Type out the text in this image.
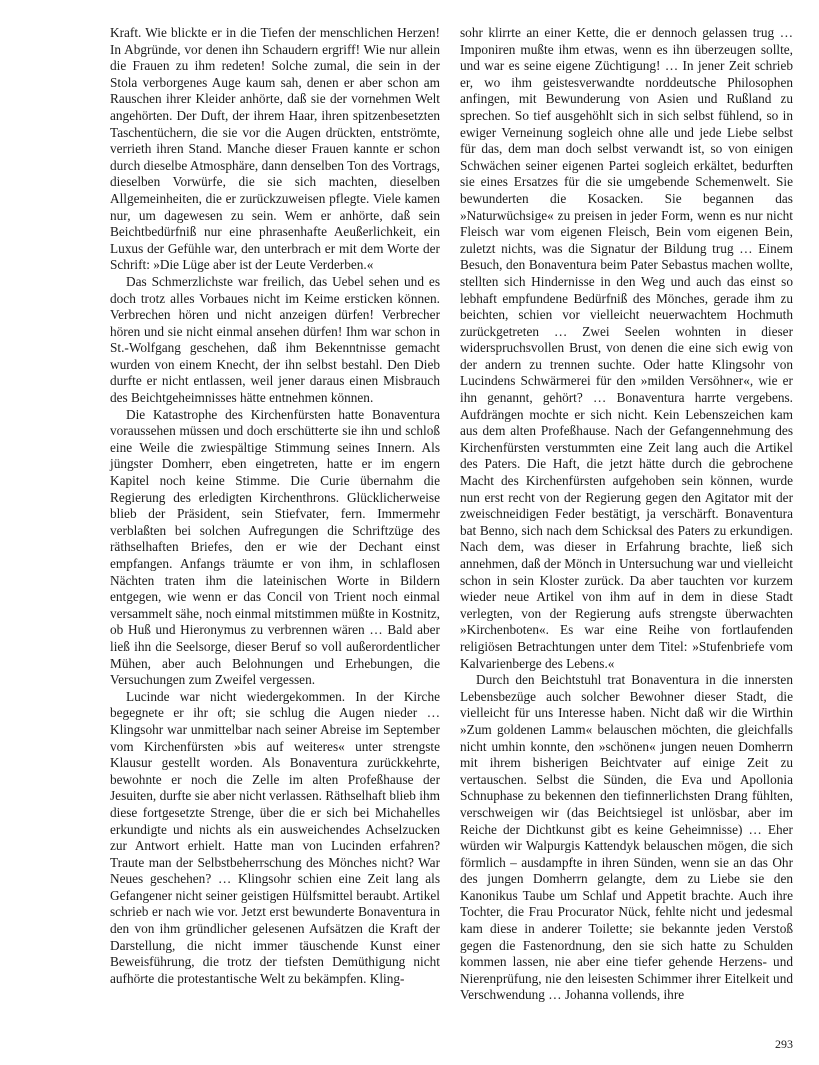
Kraft. Wie blickte er in die Tiefen der menschlichen Herzen! In Abgründe, vor denen ihn Schaudern ergriff! Wie nur allein die Frauen zu ihm redeten! Solche zumal, die sein in der Stola verborgenes Auge kaum sah, denen er aber schon am Rauschen ihrer Kleider anhörte, daß sie der vornehmen Welt angehörten. Der Duft, der ihrem Haar, ihren spitzenbesetzten Taschentüchern, die sie vor die Augen drückten, entströmte, verrieth ihren Stand. Manche dieser Frauen kannte er schon durch dieselbe Atmosphäre, dann denselben Ton des Vortrags, dieselben Vorwürfe, die sie sich machten, dieselben Allgemeinheiten, die er zurückzuweisen pflegte. Viele kamen nur, um dagewesen zu sein. Wem er anhörte, daß sein Beichtbedürfniß nur eine phrasenhafte Aeußerlichkeit, ein Luxus der Gefühle war, den unterbrach er mit dem Worte der Schrift: »Die Lüge aber ist der Leute Verderben.«

Das Schmerzlichste war freilich, das Uebel sehen und es doch trotz alles Vorbaues nicht im Keime ersticken können. Verbrechen hören und nicht anzeigen dürfen! Verbrecher hören und sie nicht einmal ansehen dürfen! Ihm war schon in St.-Wolfgang geschehen, daß ihm Bekenntnisse gemacht wurden von einem Knecht, der ihn selbst bestahl. Den Dieb durfte er nicht entlassen, weil jener daraus einen Misbrauch des Beichtgeheimnisses hätte entnehmen können.

Die Katastrophe des Kirchenfürsten hatte Bonaventura voraussehen müssen und doch erschütterte sie ihn und schloß eine Weile die zwiespältige Stimmung seines Innern. Als jüngster Domherr, eben eingetreten, hatte er im engern Kapitel noch keine Stimme. Die Curie übernahm die Regierung des erledigten Kirchenthrons. Glücklicherweise blieb der Präsident, sein Stiefvater, fern. Immermehr verblaßten bei solchen Aufregungen die Schriftzüge des räthselhaften Briefes, den er wie der Dechant einst empfangen. Anfangs träumte er von ihm, in schlaflosen Nächten traten ihm die lateinischen Worte in Bildern entgegen, wie wenn er das Concil von Trient noch einmal versammelt sähe, noch einmal mitstimmen müßte in Kostnitz, ob Huß und Hieronymus zu verbrennen wären … Bald aber ließ ihn die Seelsorge, dieser Beruf so voll außerordentlicher Mühen, aber auch Belohnungen und Erhebungen, die Versuchungen zum Zweifel vergessen.

Lucinde war nicht wiedergekommen. In der Kirche begegnete er ihr oft; sie schlug die Augen nieder … Klingsohr war unmittelbar nach seiner Abreise im September vom Kirchenfürsten »bis auf weiteres« unter strengste Klausur gestellt worden. Als Bonaventura zurückkehrte, bewohnte er noch die Zelle im alten Profeßhause der Jesuiten, durfte sie aber nicht verlassen. Räthselhaft blieb ihm diese fortgesetzte Strenge, über die er sich bei Michahelles erkundigte und nichts als ein ausweichendes Achselzucken zur Antwort erhielt. Hatte man von Lucinden erfahren? Traute man der Selbstbeherrschung des Mönches nicht? War Neues geschehen? … Klingsohr schien eine Zeit lang als Gefangener nicht seiner geistigen Hülfsmittel beraubt. Artikel schrieb er nach wie vor. Jetzt erst bewunderte Bonaventura in den von ihm gründlicher gelesenen Aufsätzen die Kraft der Darstellung, die nicht immer täuschende Kunst einer Beweisführung, die trotz der tiefsten Demüthigung nicht aufhörte die protestantische Welt zu bekämpfen. Kling-

sohr klirrte an einer Kette, die er dennoch gelassen trug … Imponiren mußte ihm etwas, wenn es ihn überzeugen sollte, und war es seine eigene Züchtigung! … In jener Zeit schrieb er, wo ihm geistesverwandte norddeutsche Philosophen anfingen, mit Bewunderung von Asien und Rußland zu sprechen. So tief ausgehöhlt sich in sich selbst fühlend, so in ewiger Verneinung sogleich ohne alle und jede Liebe selbst für das, dem man doch selbst verwandt ist, so von einigen Schwächen seiner eigenen Partei sogleich erkältet, bedurften sie eines Ersatzes für die sie umgebende Schemenwelt. Sie bewunderten die Kosacken. Sie begannen das »Naturwüchsige« zu preisen in jeder Form, wenn es nur nicht Fleisch war vom eigenen Fleisch, Bein vom eigenen Bein, zuletzt nichts, was die Signatur der Bildung trug … Einem Besuch, den Bonaventura beim Pater Sebastus machen wollte, stellten sich Hindernisse in den Weg und auch das einst so lebhaft empfundene Bedürfniß des Mönches, gerade ihm zu beichten, schien vor vielleicht neuerwachtem Hochmuth zurückgetreten … Zwei Seelen wohnten in dieser widerspruchsvollen Brust, von denen die eine sich ewig von der andern zu trennen suchte. Oder hatte Klingsohr von Lucindens Schwärmerei für den »milden Versöhner«, wie er ihn genannt, gehört? … Bonaventura harrte vergebens. Aufdrängen mochte er sich nicht. Kein Lebenszeichen kam aus dem alten Profeßhause. Nach der Gefangennehmung des Kirchenfürsten verstummten eine Zeit lang auch die Artikel des Paters. Die Haft, die jetzt hätte durch die gebrochene Macht des Kirchenfürsten aufgehoben sein können, wurde nun erst recht von der Regierung gegen den Agitator mit der zweischneidigen Feder bestätigt, ja verschärft. Bonaventura bat Benno, sich nach dem Schicksal des Paters zu erkundigen. Nach dem, was dieser in Erfahrung brachte, ließ sich annehmen, daß der Mönch in Untersuchung war und vielleicht schon in sein Kloster zurück. Da aber tauchten vor kurzem wieder neue Artikel von ihm auf in dem in diese Stadt verlegten, von der Regierung aufs strengste überwachten »Kirchenboten«. Es war eine Reihe von fortlaufenden religiösen Betrachtungen unter dem Titel: »Stufenbriefe vom Kalvarienberge des Lebens.«

Durch den Beichtstuhl trat Bonaventura in die innersten Lebensbezüge auch solcher Bewohner dieser Stadt, die vielleicht für uns Interesse haben. Nicht daß wir die Wirthin »Zum goldenen Lamm« belauschen möchten, die gleichfalls nicht umhin konnte, den »schönen« jungen neuen Domherrn mit ihrem bisherigen Beichtvater auf einige Zeit zu vertauschen. Selbst die Sünden, die Eva und Apollonia Schnuphase zu bekennen den tiefinnerlichsten Drang fühlten, verschweigen wir (das Beichtsiegel ist unlösbar, aber im Reiche der Dichtkunst gibt es keine Geheimnisse) … Eher würden wir Walpurgis Kattendyk belauschen mögen, die sich förmlich – ausdampfte in ihren Sünden, wenn sie an das Ohr des jungen Domherrn gelangte, dem zu Liebe sie den Kanonikus Taube um Schlaf und Appetit brachte. Auch ihre Tochter, die Frau Procurator Nück, fehlte nicht und jedesmal kam diese in anderer Toilette; sie bekannte jeden Verstoß gegen die Fastenordnung, den sie sich hatte zu Schulden kommen lassen, nie aber eine tiefer gehende Herzens- und Nierenprüfung, nie den leisesten Schimmer ihrer Eitelkeit und Verschwendung … Johanna vollends, ihre

293
